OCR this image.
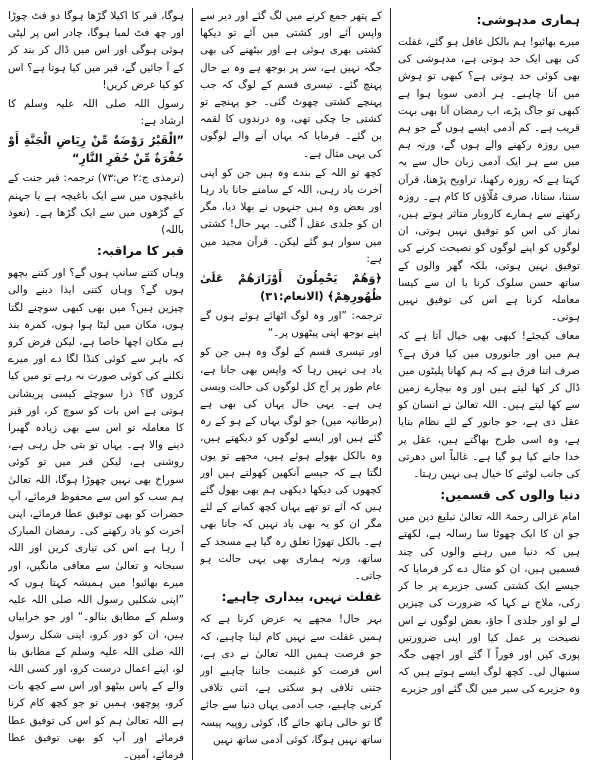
ہماری مدہوشی:

میرے بھائیو! ہم بالکل غافل ہو گئے، غفلت کی بھی ایک حد ہوتی ہے، مدہوشی کی بھی کوئی حد ہوتی ہے؟ کبھی تو ہوش میں آنا چاہیے۔ ہر آدمی سویا ہوا ہے کبھی تو جاگ پڑے، اب رمضان آنا بھی بہت قریب ہے۔ کم آدمی ایسے ہوں گے جو ہم میں روزہ رکھنے والے ہوں گے، ورنہ ہم میں سے ہر ایک آدمی زبان حال سے یہ کہتا ہے کہ روزہ رکھنا، تراویح پڑھنا، قرآن سننا، سنانا، صرف مُلّاؤں کا کام ہے۔ روزہ رکھنے سے ہمارے کاروبار متاثر ہوتے ہیں، نماز کی اس کو توفیق نہیں ہوتی، ان لوگوں کو اپنے لوگوں کو نصیحت کرنے کی توفیق نہیں ہوتی، بلکہ گھر والوں کے ساتھ حسن سلوک کرنا یا ان سے کیسا معاملہ کرنا ہے اس کی توفیق نہیں ہوتی۔

معاف کیجئے! کبھی بھی خیال آتا ہے کہ ہم میں اور جانوروں میں کیا فرق ہے؟ صرف اتنا فرق ہے کہ ہم کھانا پلیٹوں میں ڈال کر کھا لیتے ہیں اور وہ بیچارے زمین سے کھا لیتے ہیں۔ اللہ تعالیٰ نے انسان کو عقل دی ہے، جو جانور کے لئے نظام بنایا ہے، وہ اسی طرح بھاگتے ہیں، عقل پر خدا جانے کیا ہو گیا ہے۔ غالباً اس دھرتی کی جانب لوٹنے کا خیال ہی نہیں رہتا۔

دنیا والوں کی قسمیں:

امام غزالی رحمۃ اللہ تعالیٰ تبلیغ دین میں جو ان کا ایک چھوٹا سا رسالہ ہے، لکھتے ہیں کہ دنیا میں رہنے والوں کی چند قسمیں ہیں، ان کو مثال دے کر فرمایا کہ جیسے ایک کشتی کسی جزیرے پر جا کر رکی، ملاح نے کہا کہ ضرورت کی چیزیں لے لو اور جلدی آ جاؤ، بعض لوگوں نے اس نصیحت پر عمل کیا اور اپنی ضرورتیں پوری کیں اور فوراً آ گئے اور اچھی جگہ سنبھال لی۔ کچھ لوگ ایسے ہوتے ہیں کہ وہ جزیرے کی سیر میں لگ گئے اور جزیرے

کے پتھر جمع کرنے میں لگ گئے اور دیر سے واپس آئے اور کشتی میں آئے تو دیکھا کشتی بھری ہوئی ہے اور بیٹھنے کی بھی جگہ نہیں ہے، سر پر بوجھ ہے وہ بے حال پہنچ گئے۔ تیسری قسم کے لوگ کہ جب پہنچے کشتی چھوٹ گئی۔ جو پہنچے تو کشتی جا چکی تھی، وہ درندوں کا لقمہ بن گئے۔ فرمایا کہ یہاں آنے والے لوگوں کی یہی مثال ہے۔

کچھ تو اللہ کے بندے وہ ہیں جن کو اپنی آخرت یاد رہی، اللہ کے سامنے جانا یاد رہا اور بعض وہ ہیں جنہوں نے بھلا دیا، مگر ان کو جلدی عقل آ گئی۔ بہر حال! کشتی میں سوار ہو گئے لیکن۔ قرآن مجید میں ہے:

﴿وَهُمْ يَحْمِلُونَ أَوْزَارَهُمْ عَلَىٰ ظُهُورِهِمْ﴾ (الانعام:۳۱)

ترجمہ: ”اور وہ لوگ اٹھائے ہوئے ہوں گے اپنے بوجھ اپنی پیٹھوں پر۔“

اور تیسری قسم کے لوگ وہ ہیں جن کو یاد ہی نہیں رہا کہ واپس بھی جانا ہے، عام طور پر آج کل لوگوں کی حالت ویسی ہی ہے۔ یہی حال یہاں کی بھی ہے (برطانیہ میں) جو لوگ یہاں کے ہو کے رہ گئے ہیں اور ایسے لوگوں کو دیکھتے ہیں، وہ بالکل بھولے ہوئے ہیں، مجھے تو یوں لگتا ہے کہ جیسے آنکھیں کھولتے ہیں اور کچھوں کی دیکھا دیکھی ہم بھی بھول گئے ہیں کہ آئے تو تھے یہاں کچھ کمانے کے لئے مگر ان کو یہ بھی یاد نہیں کہ جانا بھی ہے۔ بالکل تھوڑا تعلق رہ گیا ہے مسجد کے ساتھ، ورنہ ہماری بھی یہی حالت ہو جاتی۔

غفلت نہیں، بیداری چاہیے:

بہر حال! مجھے یہ عرض کرنا ہے کہ ہمیں غفلت سے نہیں کام لینا چاہیے، کہ جو فرصت ہمیں اللہ تعالیٰ نے دی ہے، اس فرصت کو غنیمت جاننا چاہیے اور جتنی تلافی ہو سکتی ہے، اتنی تلافی کرنی چاہیے، جب آدمی یہاں دنیا سے جائے گا تو خالی ہاتھ جائے گا، کوئی روپیہ پیسہ ساتھ نہیں ہوگا، کوئی آدمی ساتھ نہیں

ہوگا، قبر کا اکیلا گڑھا ہوگا دو فٹ چوڑا اور چھ فٹ لمبا ہوگا، چادر اس پر لپٹی ہوئی ہوگی اور اس میں ڈال کر بند کر کے آ جائیں گے، قبر میں کیا ہوتا ہے؟ اس کو کیا عرض کریں!

رسول اللہ صلی اللہ علیہ وسلم کا ارشاد ہے:

”الْقَبْرُ رَوْضَةٌ مِّنْ رِيَاضِ الْجَنَّةِ أَوْ حُفْرَةٌ مِّنْ حُفَرِ النَّارِ“

(ترمذی ج:۲ ص:۷۳) ترجمہ: قبر جنت کے باغیچوں میں سے ایک باغیچہ ہے یا جہنم کے گڑھوں میں سے ایک گڑھا ہے۔ (نعوذ باللہ)

قبر کا مراقبہ:

وہاں کتنے سانپ ہوں گے؟ اور کتنے بچھو ہوں گے؟ وہاں کتنی ایذا دینے والی چیزیں ہیں؟ میں بھی کبھی سوچنے لگتا ہوں، مکان میں لیٹا ہوا ہوں، کمرہ بند ہے مکان اچھا خاصا ہے، لیکن فرض کرو کہ باہر سے کوئی کنڈا لگا دے اور میرے نکلنے کی کوئی صورت نہ رہے تو میں کیا کروں گا؟ ذرا سوچئے کیسی پریشانی ہوتی ہے اس بات کو سوچ کر، اور قبر کا معاملہ تو اس سے بھی زیادہ گھبرا دینے والا ہے۔ یہاں تو بتی جل رہی ہے، روشنی ہے، لیکن قبر میں تو کوئی سوراخ بھی نہیں چھوڑا ہوگا، اللہ تعالیٰ ہم سب کو اس سے محفوظ فرمائے، آپ حضرات کو بھی توفیق عطا فرمائے، اپنی آخرت کو یاد رکھنے کی۔ رمضان المبارک آ رہا ہے اس کی تیاری کریں اور اللہ سبحانہ و تعالیٰ سے معافی مانگیں، اور میرے بھائیو! میں ہمیشہ کہتا ہوں کہ ”اپنی شکلیں رسول اللہ صلی اللہ علیہ وسلم کے مطابق بنالو۔“ اور جو خرابیاں ہیں، ان کو دور کرو، اپنی شکل رسول اللہ صلی اللہ علیہ وسلم کے مطابق بنا لو، اپنے اعمال درست کرو، اور کسی اللہ والے کے پاس بیٹھو اور اس سے کچھ بات کرو، پوچھو، ہمیں تو جو کچھ کام کرنا ہے اللہ تعالیٰ ہم کو اس کی توفیق عطا فرمائے اور آپ کو بھی توفیق عطا فرمائے، آمین۔
